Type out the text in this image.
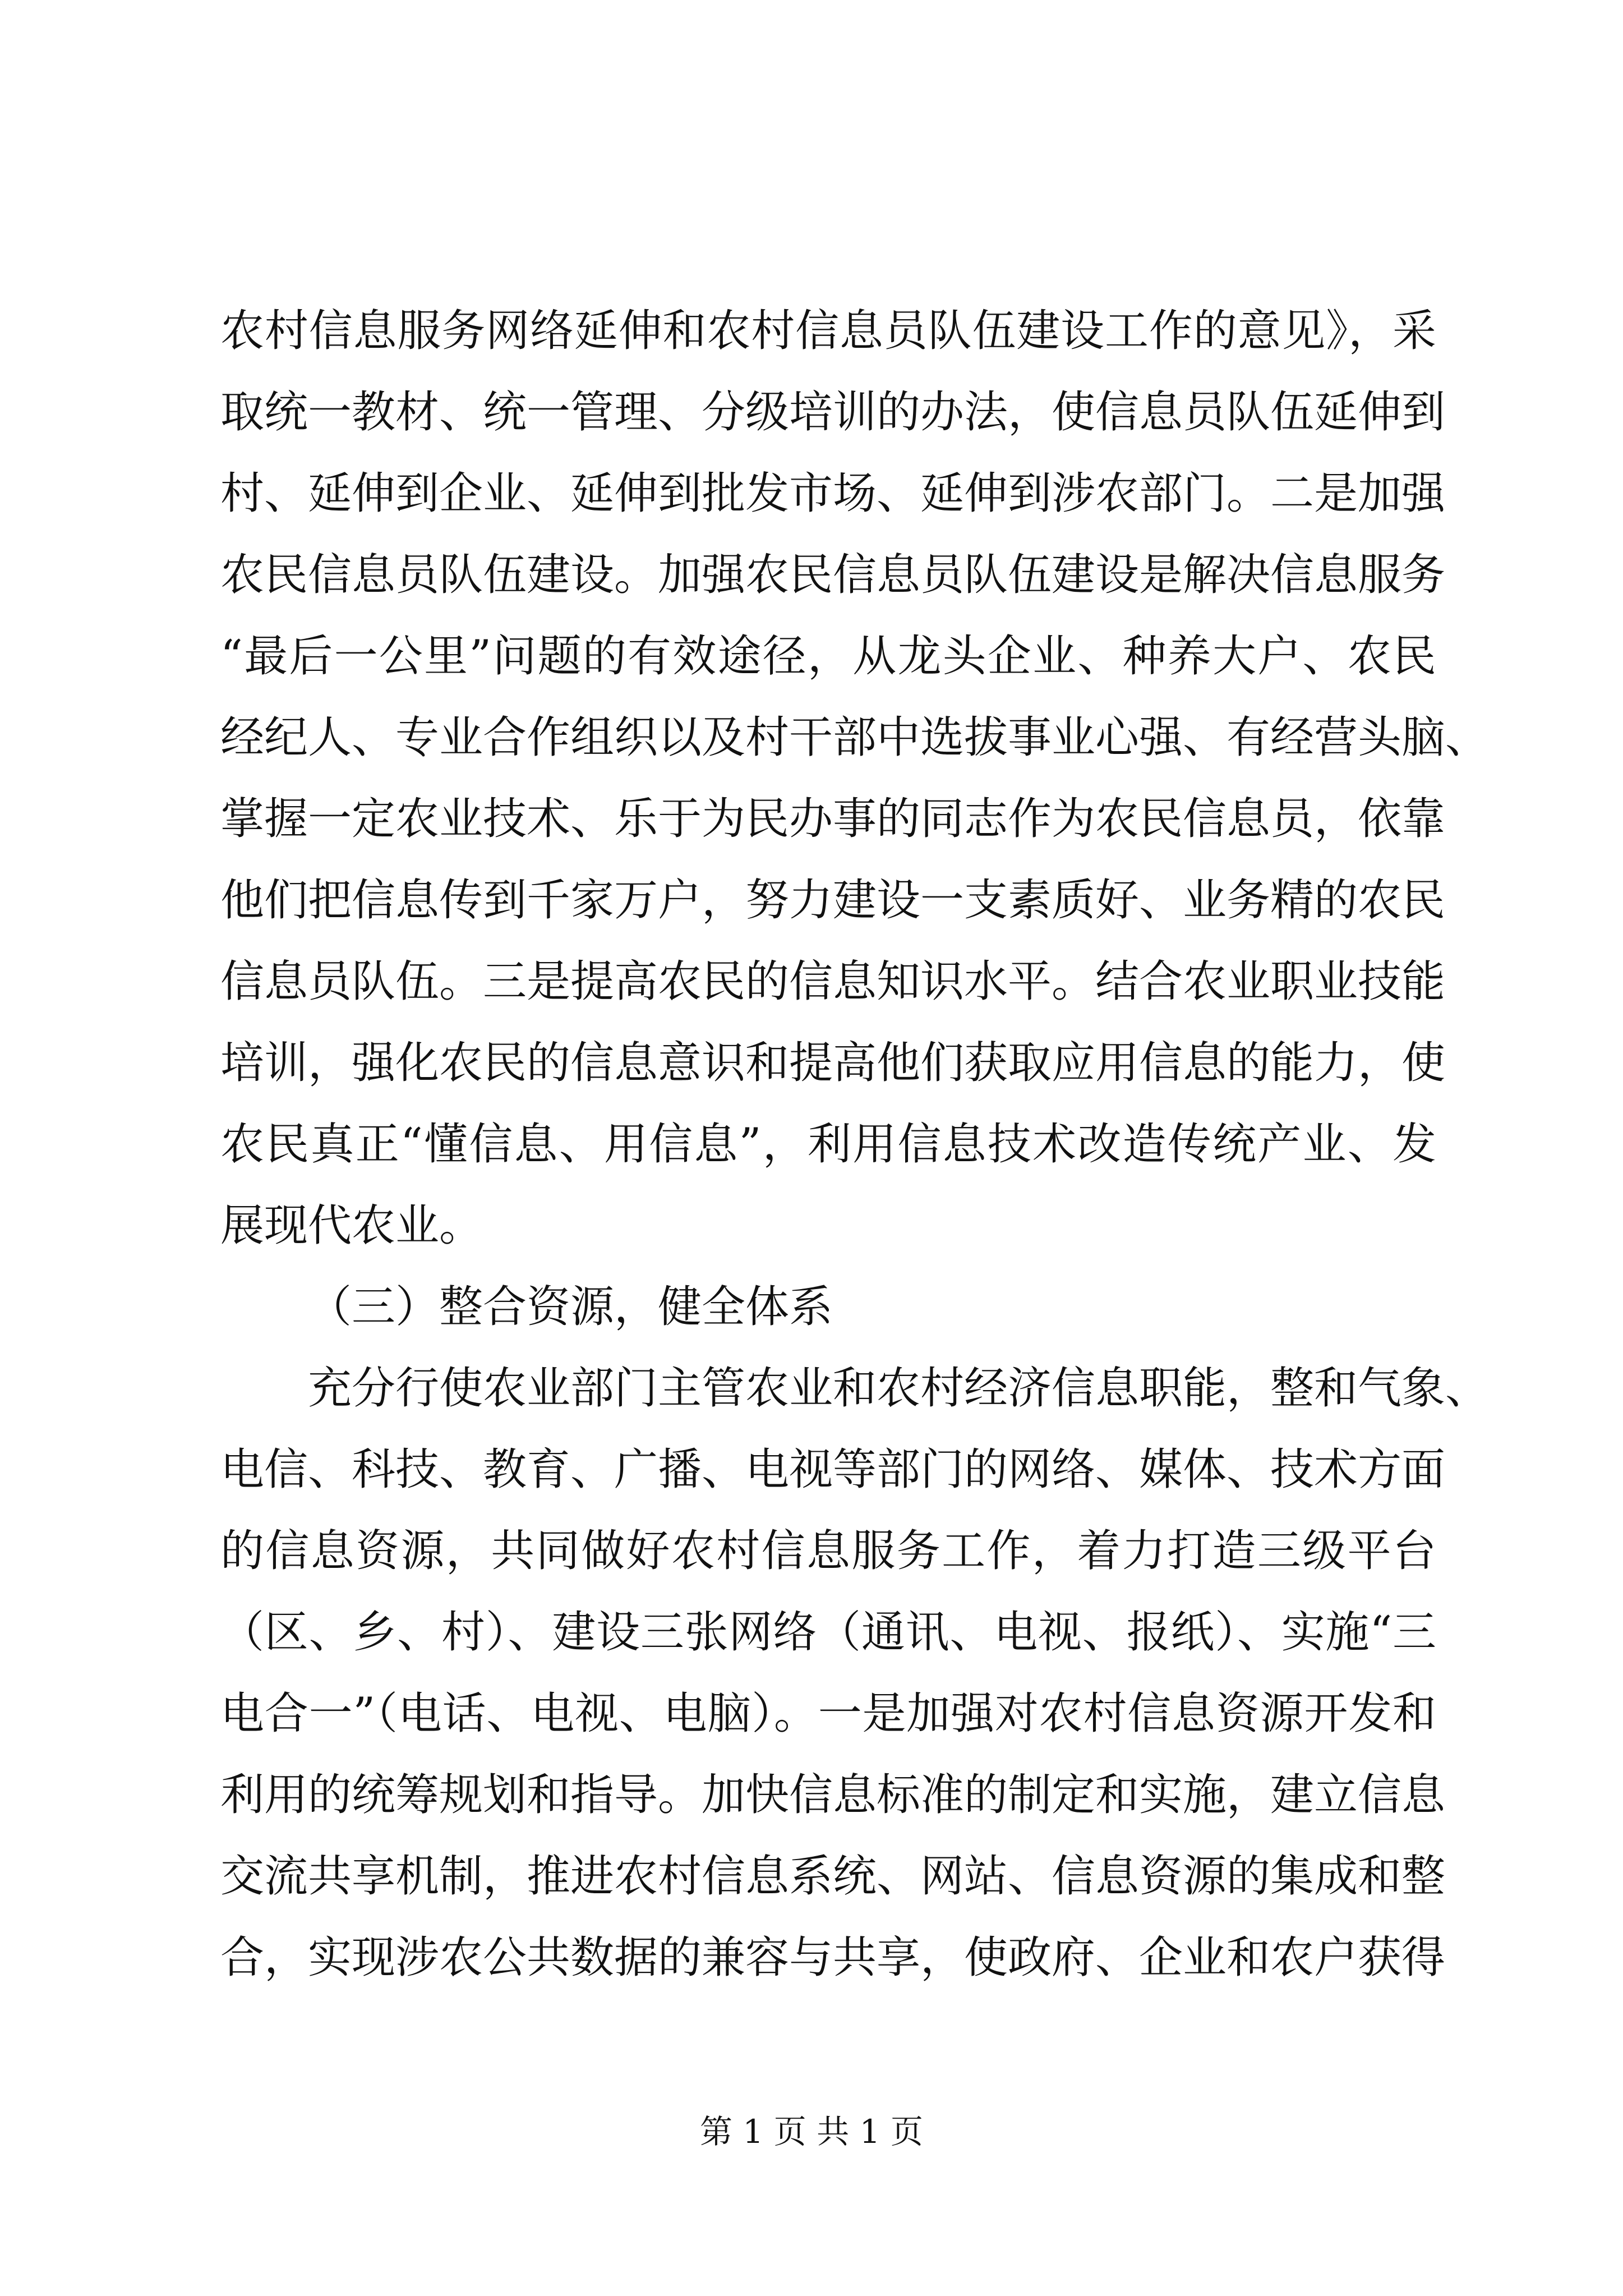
农村信息服务网络延伸和农村信息员队伍建设工作的意见》，采
取统一教材、统一管理、分级培训的办法，使信息员队伍延伸到
村、延伸到企业、延伸到批发市场、延伸到涉农部门。二是加强
农民信息员队伍建设。加强农民信息员队伍建设是解决信息服务
“最后一公里”问题的有效途径，从龙头企业、种养大户、农民
经纪人、专业合作组织以及村干部中选拔事业心强、有经营头脑、
掌握一定农业技术、乐于为民办事的同志作为农民信息员，依靠
他们把信息传到千家万户，努力建设一支素质好、业务精的农民
信息员队伍。三是提高农民的信息知识水平。结合农业职业技能
培训，强化农民的信息意识和提高他们获取应用信息的能力，使
农民真正“懂信息、用信息”，利用信息技术改造传统产业、发
展现代农业。
（三）整合资源，健全体系
充分行使农业部门主管农业和农村经济信息职能，整和气象、
电信、科技、教育、广播、电视等部门的网络、媒体、技术方面
的信息资源，共同做好农村信息服务工作，着力打造三级平台
（区、乡、村）、建设三张网络（通讯、电视、报纸）、实施“三
电合一”（电话、电视、电脑）。一是加强对农村信息资源开发和
利用的统筹规划和指导。加快信息标准的制定和实施，建立信息
交流共享机制，推进农村信息系统、网站、信息资源的集成和整
合，实现涉农公共数据的兼容与共享，使政府、企业和农户获得
第 1 页 共 1 页
